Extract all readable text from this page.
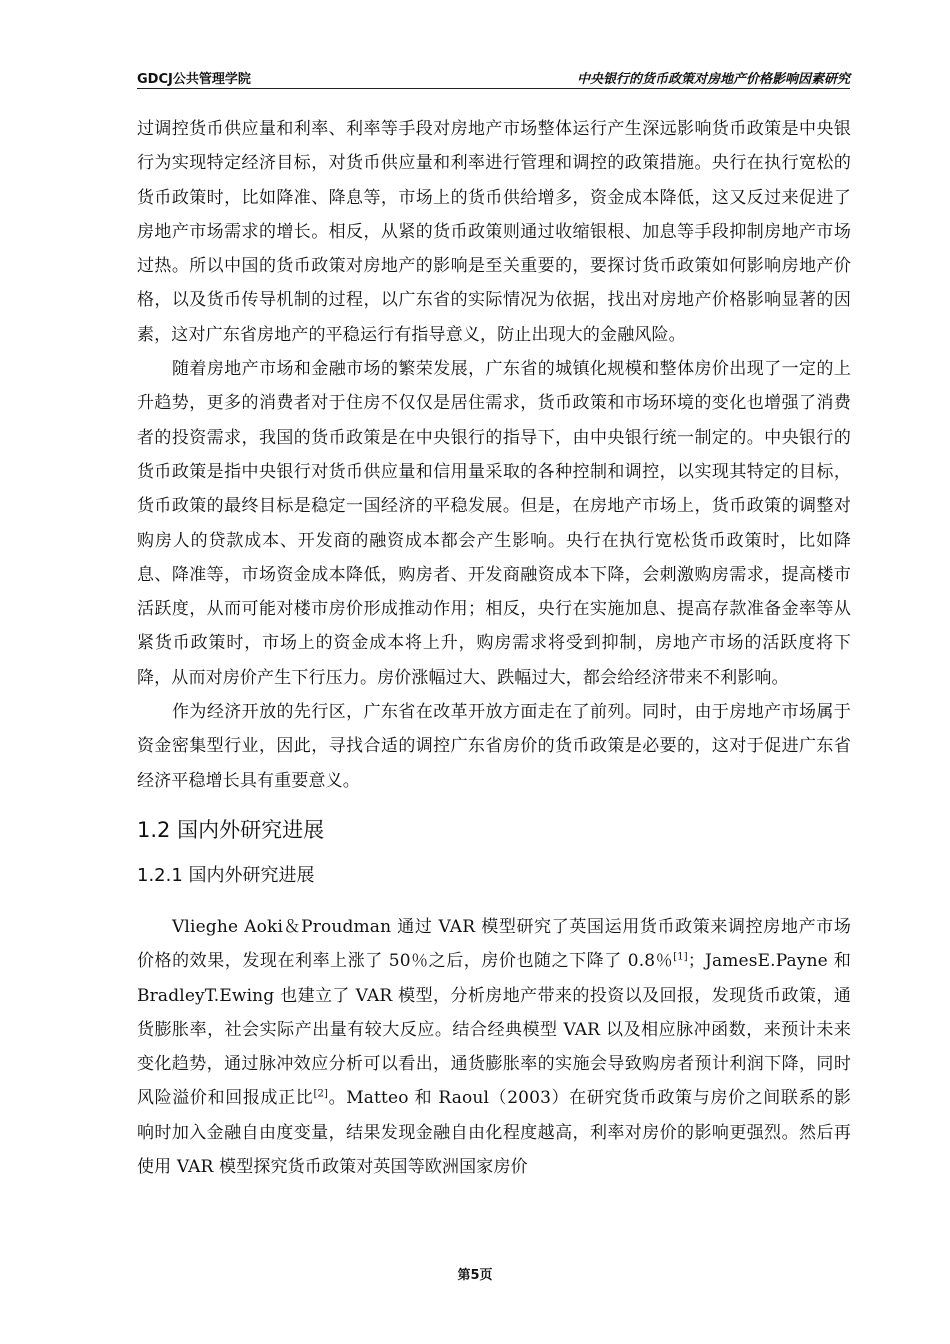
GDCJ公共管理学院	中央银行的货币政策对房地产价格影响因素研究

过调控货币供应量和利率、利率等手段对房地产市场整体运行产生深远影响货币政策是中央银行为实现特定经济目标，对货币供应量和利率进行管理和调控的政策措施。央行在执行宽松的货币政策时，比如降准、降息等，市场上的货币供给增多，资金成本降低，这又反过来促进了房地产市场需求的增长。相反，从紧的货币政策则通过收缩银根、加息等手段抑制房地产市场过热。所以中国的货币政策对房地产的影响是至关重要的，要探讨货币政策如何影响房地产价格，以及货币传导机制的过程，以广东省的实际情况为依据，找出对房地产价格影响显著的因素，这对广东省房地产的平稳运行有指导意义，防止出现大的金融风险。

随着房地产市场和金融市场的繁荣发展，广东省的城镇化规模和整体房价出现了一定的上升趋势，更多的消费者对于住房不仅仅是居住需求，货币政策和市场环境的变化也增强了消费者的投资需求，我国的货币政策是在中央银行的指导下，由中央银行统一制定的。中央银行的货币政策是指中央银行对货币供应量和信用量采取的各种控制和调控，以实现其特定的目标，货币政策的最终目标是稳定一国经济的平稳发展。但是，在房地产市场上，货币政策的调整对购房人的贷款成本、开发商的融资成本都会产生影响。央行在执行宽松货币政策时，比如降息、降准等，市场资金成本降低，购房者、开发商融资成本下降，会刺激购房需求，提高楼市活跃度，从而可能对楼市房价形成推动作用；相反，央行在实施加息、提高存款准备金率等从紧货币政策时，市场上的资金成本将上升，购房需求将受到抑制，房地产市场的活跃度将下降，从而对房价产生下行压力。房价涨幅过大、跌幅过大，都会给经济带来不利影响。

作为经济开放的先行区，广东省在改革开放方面走在了前列。同时，由于房地产市场属于资金密集型行业，因此，寻找合适的调控广东省房价的货币政策是必要的，这对于促进广东省经济平稳增长具有重要意义。

1.2 国内外研究进展
1.2.1 国内外研究进展

Vlieghe Aoki＆Proudman 通过 VAR 模型研究了英国运用货币政策来调控房地产市场价格的效果，发现在利率上涨了 50％之后，房价也随之下降了 0.8％[1]；JamesE.Payne 和 BradleyT.Ewing 也建立了 VAR 模型，分析房地产带来的投资以及回报，发现货币政策，通货膨胀率，社会实际产出量有较大反应。结合经典模型 VAR 以及相应脉冲函数，来预计未来变化趋势，通过脉冲效应分析可以看出，通货膨胀率的实施会导致购房者预计利润下降，同时风险溢价和回报成正比[2]。Matteo 和 Raoul（2003）在研究货币政策与房价之间联系的影响时加入金融自由度变量，结果发现金融自由化程度越高，利率对房价的影响更强烈。然后再使用 VAR 模型探究货币政策对英国等欧洲国家房价

第5页
